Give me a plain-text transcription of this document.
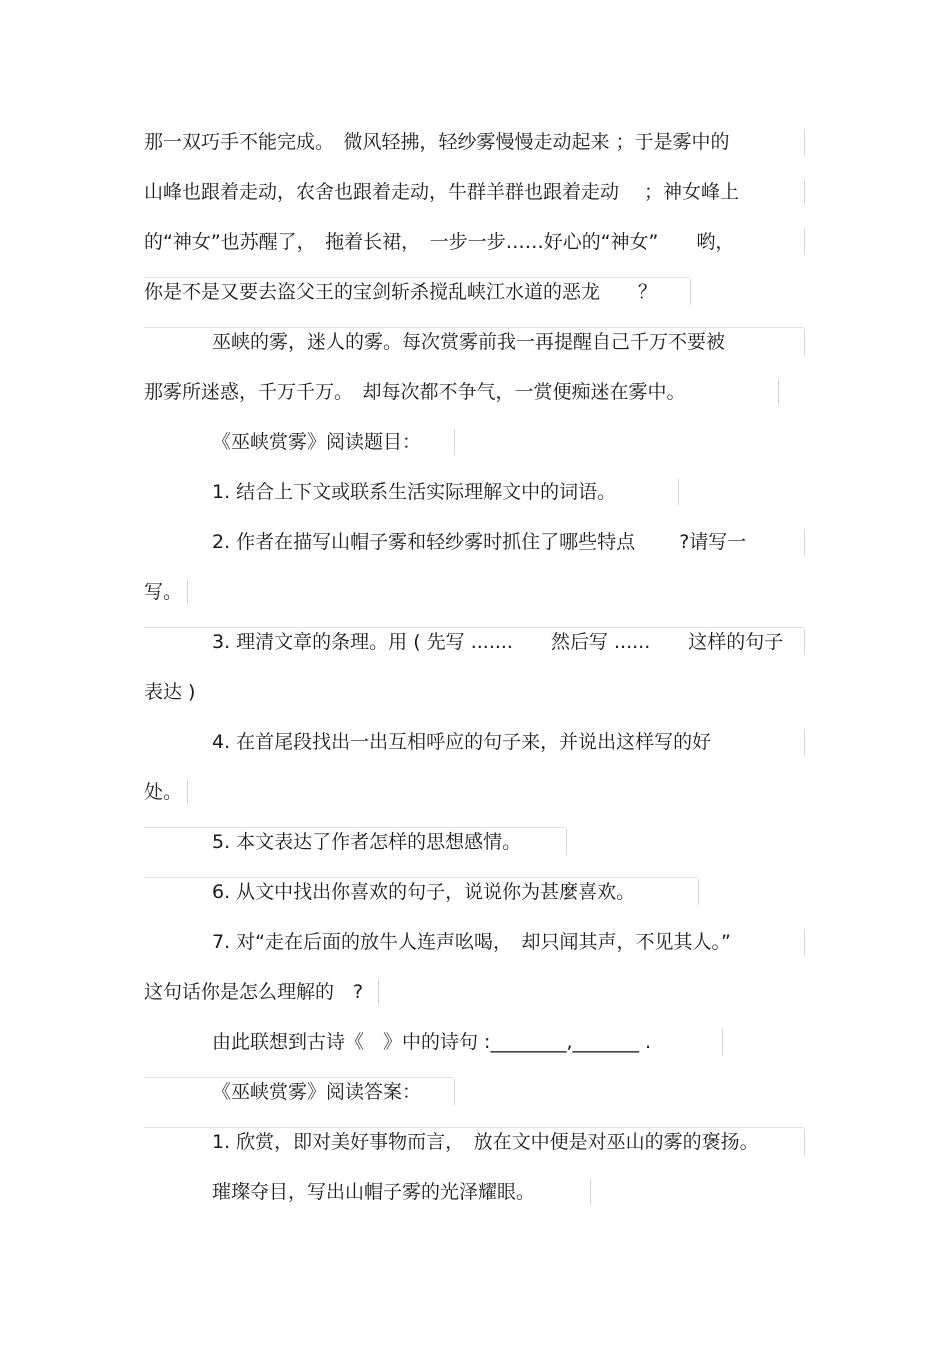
那一双巧手不能完成。　微风轻拂，轻纱雾慢慢走动起来 ；于是雾中的
山峰也跟着走动，农舍也跟着走动，牛群羊群也跟着走动　 ；神女峰上
的“神女”也苏醒了，　拖着长裙，　一步一步……好心的“神女”　　哟，
你是不是又要去盗父王的宝剑斩杀搅乱峡江水道的恶龙　　？
巫峡的雾，迷人的雾。每次赏雾前我一再提醒自己千万不要被
那雾所迷惑，千万千万。　却每次都不争气，一赏便痴迷在雾中。
《巫峡赏雾》阅读题目：
1. 结合上下文或联系生活实际理解文中的词语。
2. 作者在描写山帽子雾和轻纱雾时抓住了哪些特点　　 ?请写一
写。
3. 理清文章的条理。用 ( 先写 .......　　然后写 ......　　这样的句子
表达 )
4. 在首尾段找出一出互相呼应的句子来，并说出这样写的好
处。
5. 本文表达了作者怎样的思想感情。
6. 从文中找出你喜欢的句子，说说你为甚麼喜欢。
7. 对“走在后面的放牛人连声吆喝，　却只闻其声，不见其人。”
这句话你是怎么理解的　?
由此联想到古诗《　》中的诗句 :________,_______ .
《巫峡赏雾》阅读答案：
1. 欣赏，即对美好事物而言，　放在文中便是对巫山的雾的褒扬。
璀璨夺目，写出山帽子雾的光泽耀眼。
